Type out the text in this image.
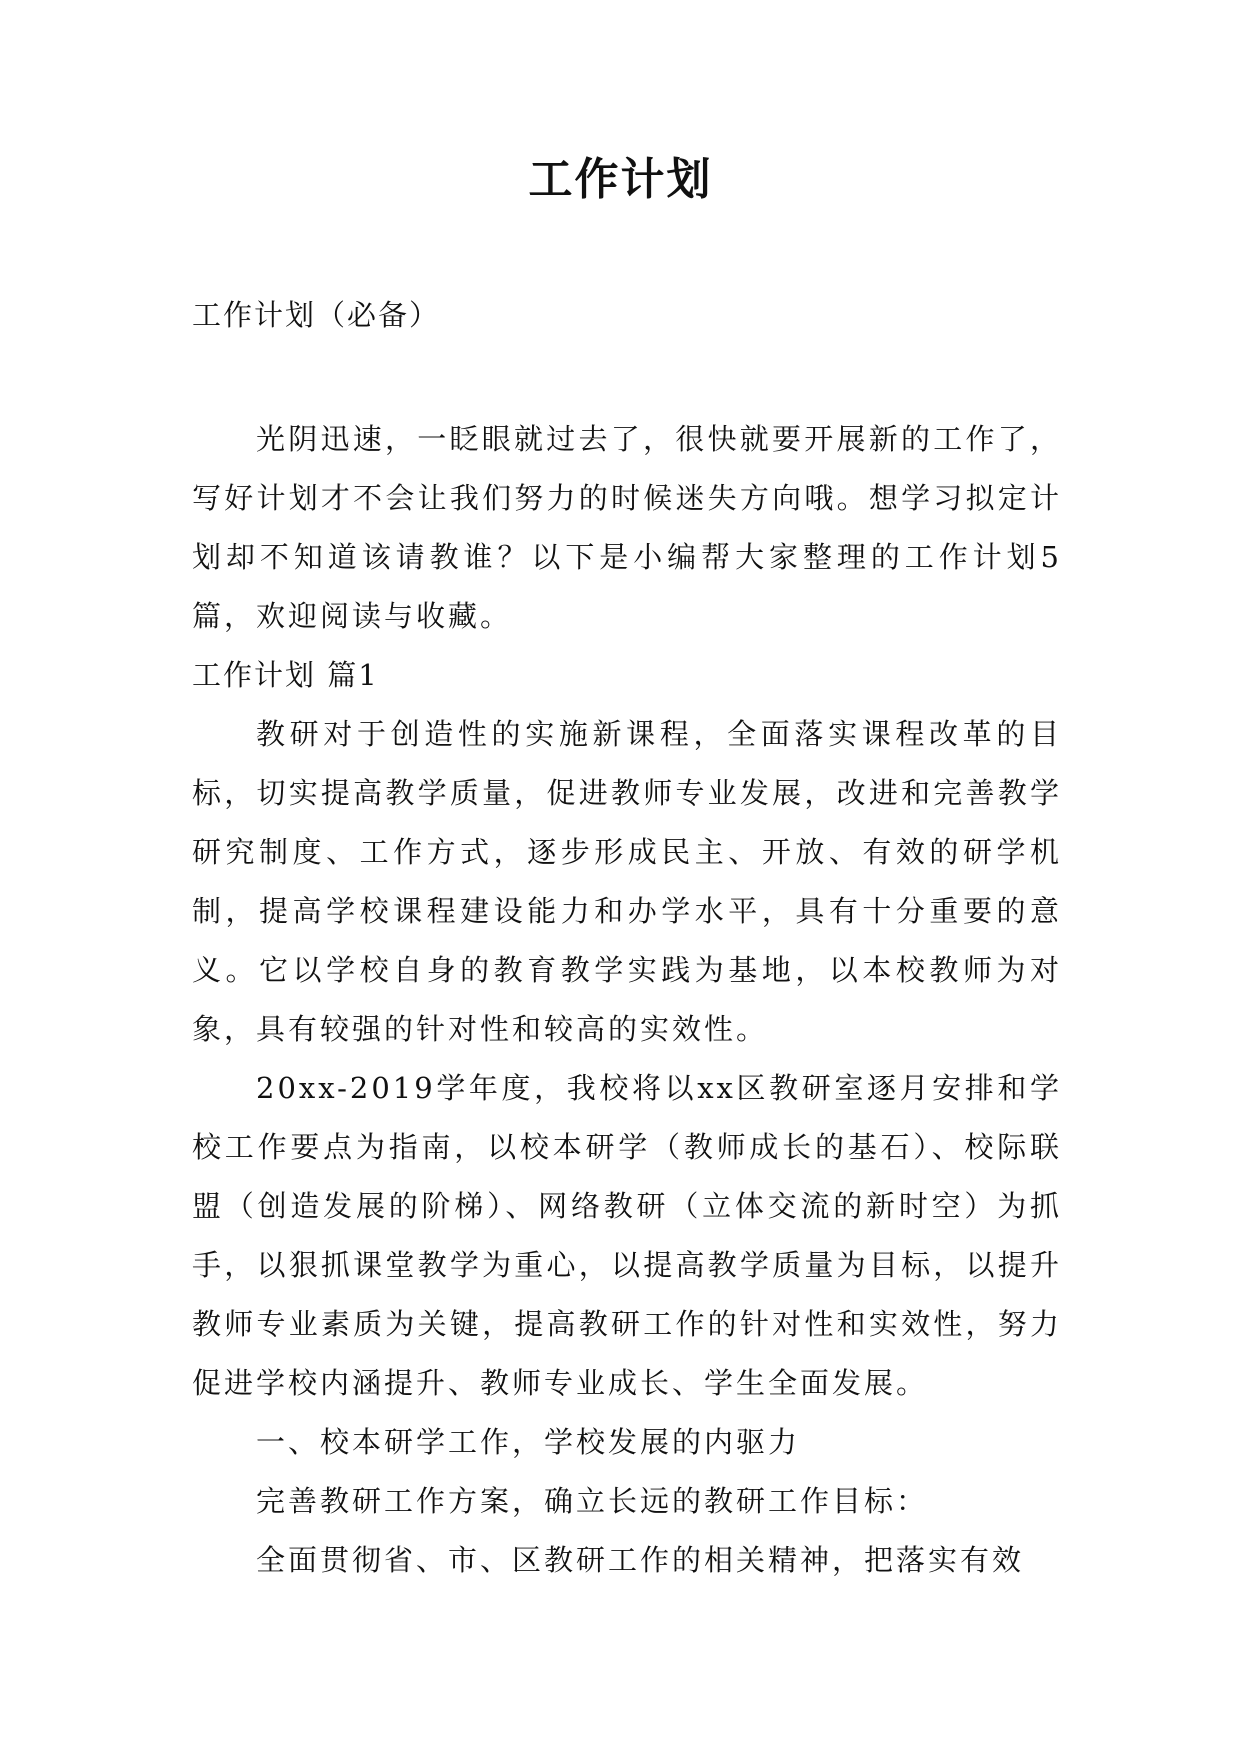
工作计划
工作计划（必备）

光阴迅速，一眨眼就过去了，很快就要开展新的工作了，写好计划才不会让我们努力的时候迷失方向哦。想学习拟定计划却不知道该请教谁？以下是小编帮大家整理的工作计划5篇，欢迎阅读与收藏。

工作计划 篇1

教研对于创造性的实施新课程，全面落实课程改革的目标，切实提高教学质量，促进教师专业发展，改进和完善教学研究制度、工作方式，逐步形成民主、开放、有效的研学机制，提高学校课程建设能力和办学水平，具有十分重要的意义。它以学校自身的教育教学实践为基地，以本校教师为对象，具有较强的针对性和较高的实效性。

20xx-2019学年度，我校将以xx区教研室逐月安排和学校工作要点为指南，以校本研学（教师成长的基石）、校际联盟（创造发展的阶梯）、网络教研（立体交流的新时空）为抓手，以狠抓课堂教学为重心，以提高教学质量为目标，以提升教师专业素质为关键，提高教研工作的针对性和实效性，努力促进学校内涵提升、教师专业成长、学生全面发展。

一、校本研学工作，学校发展的内驱力

完善教研工作方案，确立长远的教研工作目标：

全面贯彻省、市、区教研工作的相关精神，把落实有效
